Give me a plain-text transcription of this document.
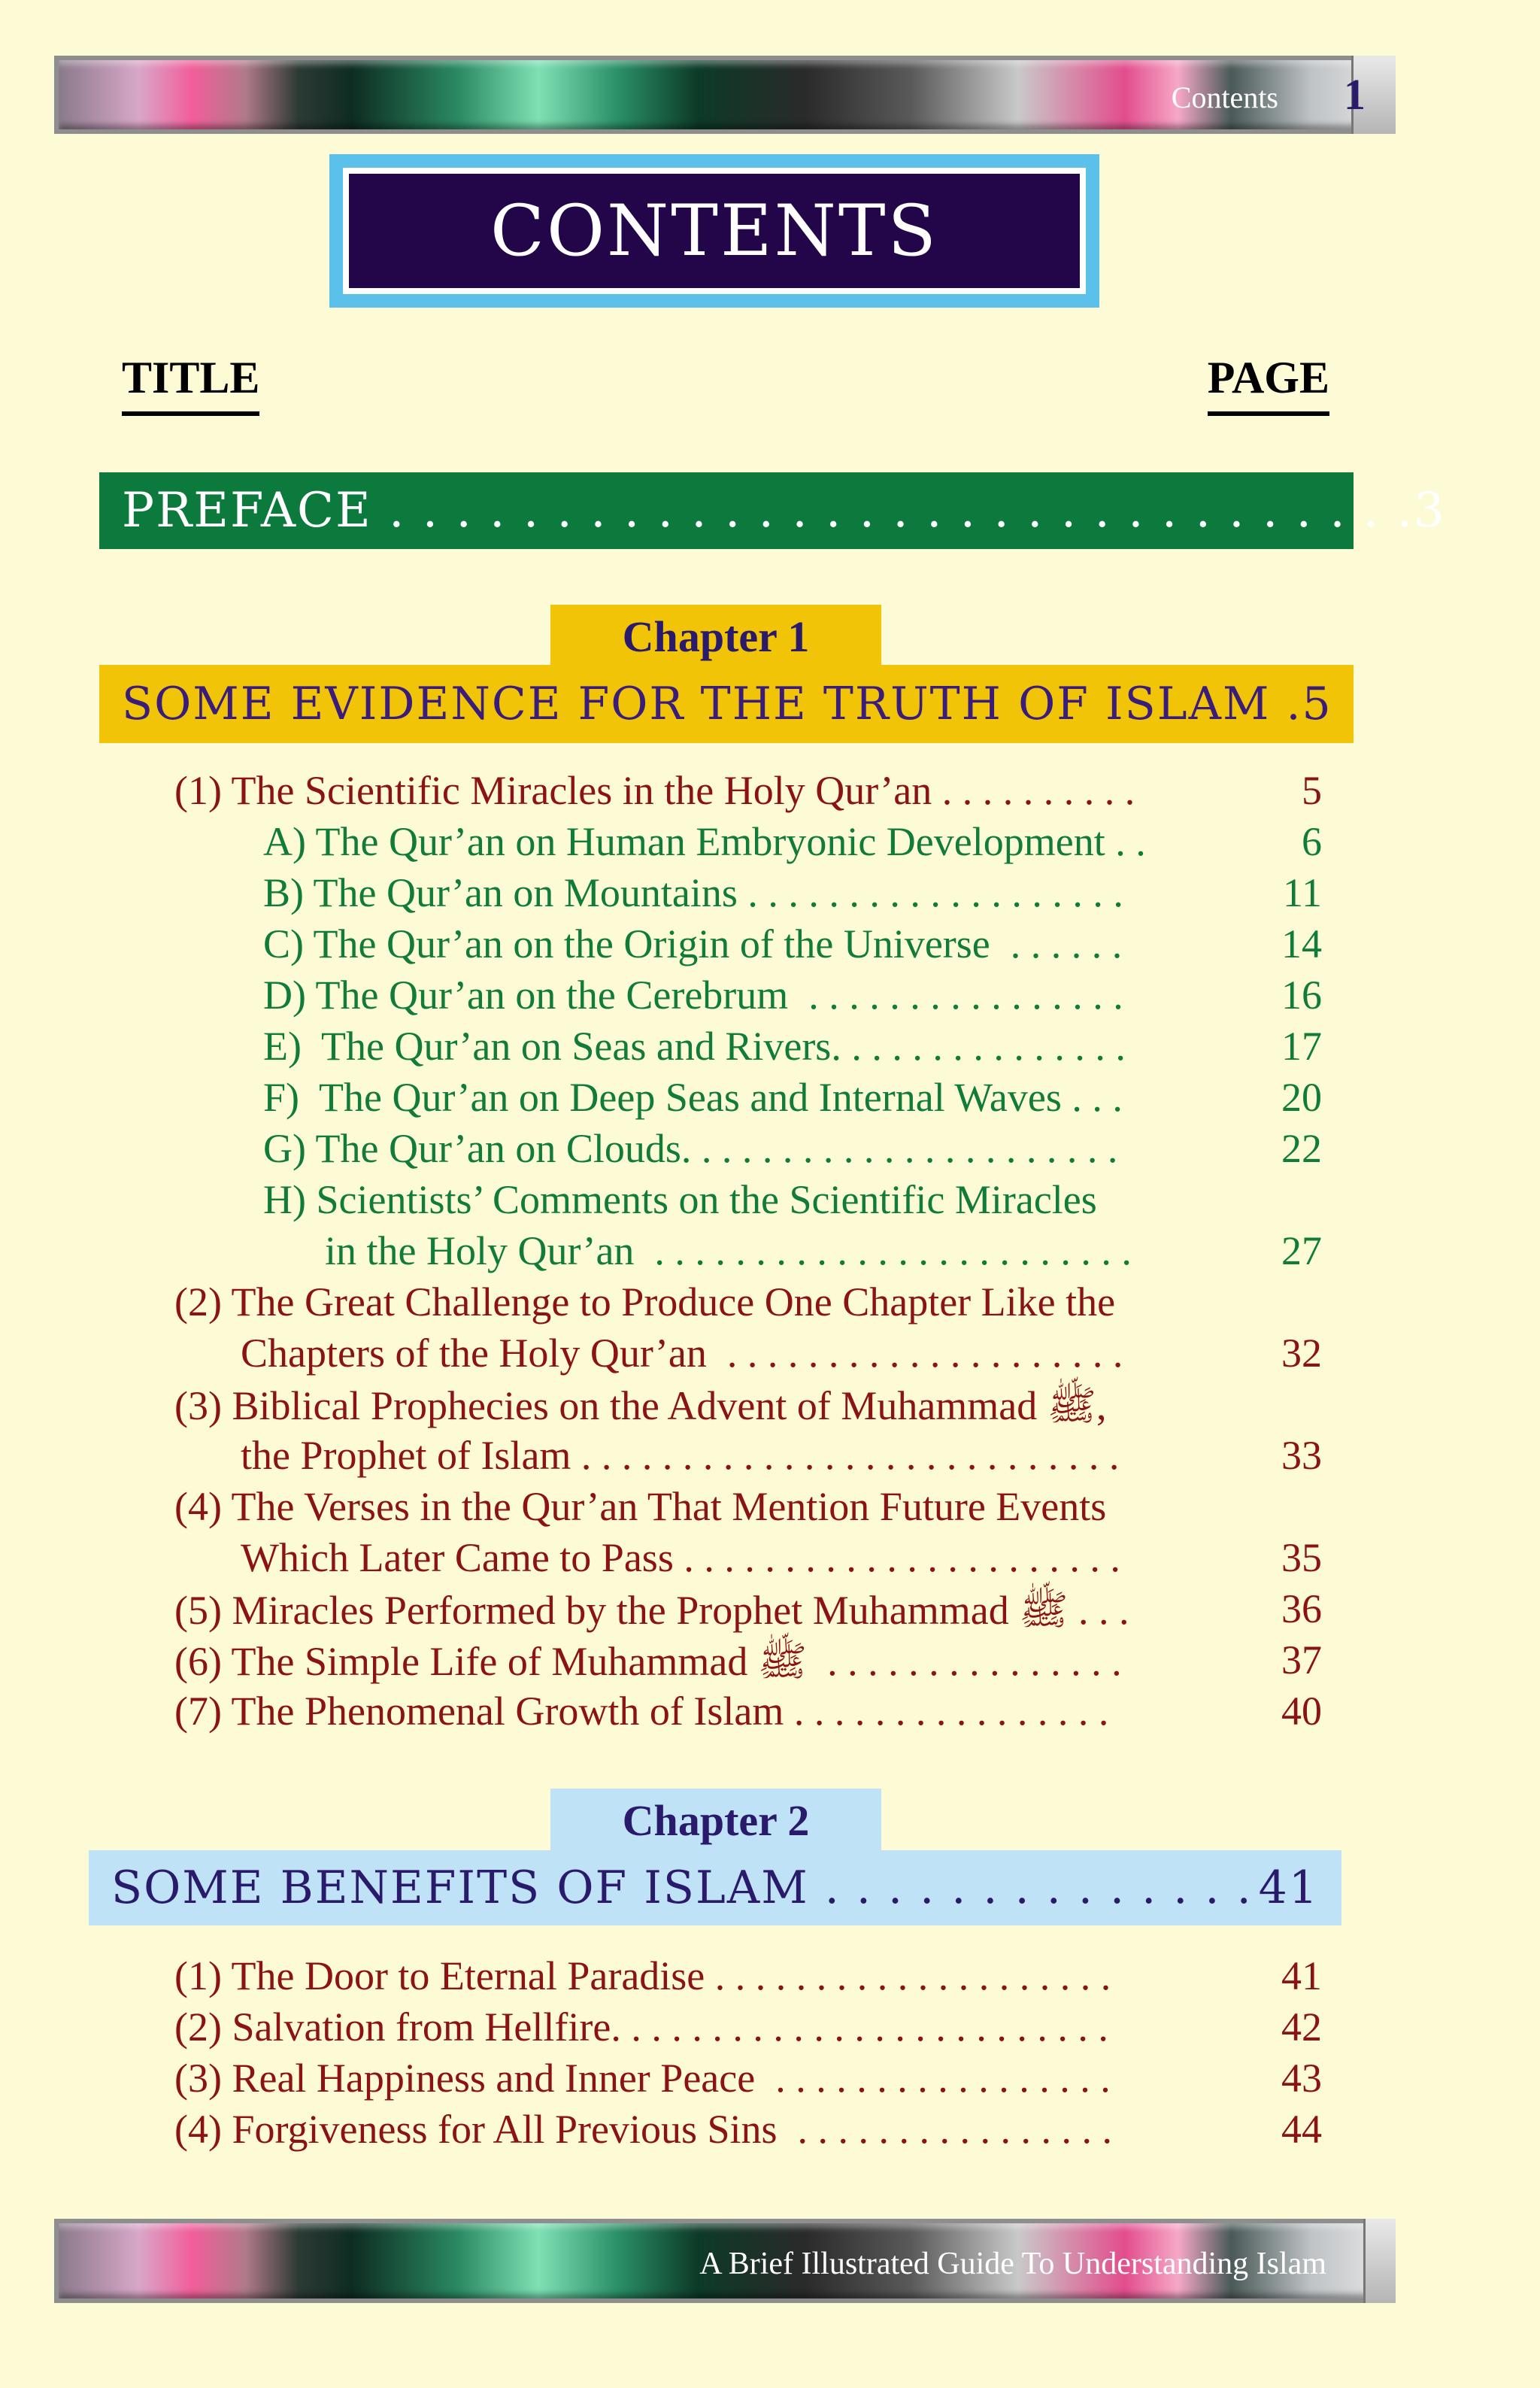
Contents 1
CONTENTS
TITLE	PAGE
PREFACE . . . . . . . . . . . . . . . . . . . . . . . . . . . . . . . 3
Chapter 1
SOME EVIDENCE FOR THE TRUTH OF ISLAM . 5
(1) The Scientific Miracles in the Holy Qur’an . . . . . . . . . .	5
A) The Qur’an on Human Embryonic Development . .	6
B) The Qur’an on Mountains . . . . . . . . . . . . . . . . . . .	11
C) The Qur’an on the Origin of the Universe  . . . . . .	14
D) The Qur’an on the Cerebrum  . . . . . . . . . . . . . . . .	16
E)  The Qur’an on Seas and Rivers. . . . . . . . . . . . . . .	17
F)  The Qur’an on Deep Seas and Internal Waves . . .	20
G) The Qur’an on Clouds. . . . . . . . . . . . . . . . . . . . . .	22
H) Scientists’ Comments on the Scientific Miracles
in the Holy Qur’an  . . . . . . . . . . . . . . . . . . . . . . . .	27
(2) The Great Challenge to Produce One Chapter Like the
Chapters of the Holy Qur’an  . . . . . . . . . . . . . . . . . . . .	32
(3) Biblical Prophecies on the Advent of Muhammad ﷺ,
the Prophet of Islam . . . . . . . . . . . . . . . . . . . . . . . . . . .	33
(4) The Verses in the Qur’an That Mention Future Events
Which Later Came to Pass . . . . . . . . . . . . . . . . . . . . . .	35
(5) Miracles Performed by the Prophet Muhammad ﷺ . . .	36
(6) The Simple Life of Muhammad ﷺ  . . . . . . . . . . . . . . .	37
(7) The Phenomenal Growth of Islam . . . . . . . . . . . . . . . .	40
Chapter 2
SOME BENEFITS OF ISLAM . . . . . . . . . . . . . . 41
(1) The Door to Eternal Paradise . . . . . . . . . . . . . . . . . . . .	41
(2) Salvation from Hellfire. . . . . . . . . . . . . . . . . . . . . . . . .	42
(3) Real Happiness and Inner Peace  . . . . . . . . . . . . . . . . .	43
(4) Forgiveness for All Previous Sins  . . . . . . . . . . . . . . . .	44
A Brief Illustrated Guide To Understanding Islam
